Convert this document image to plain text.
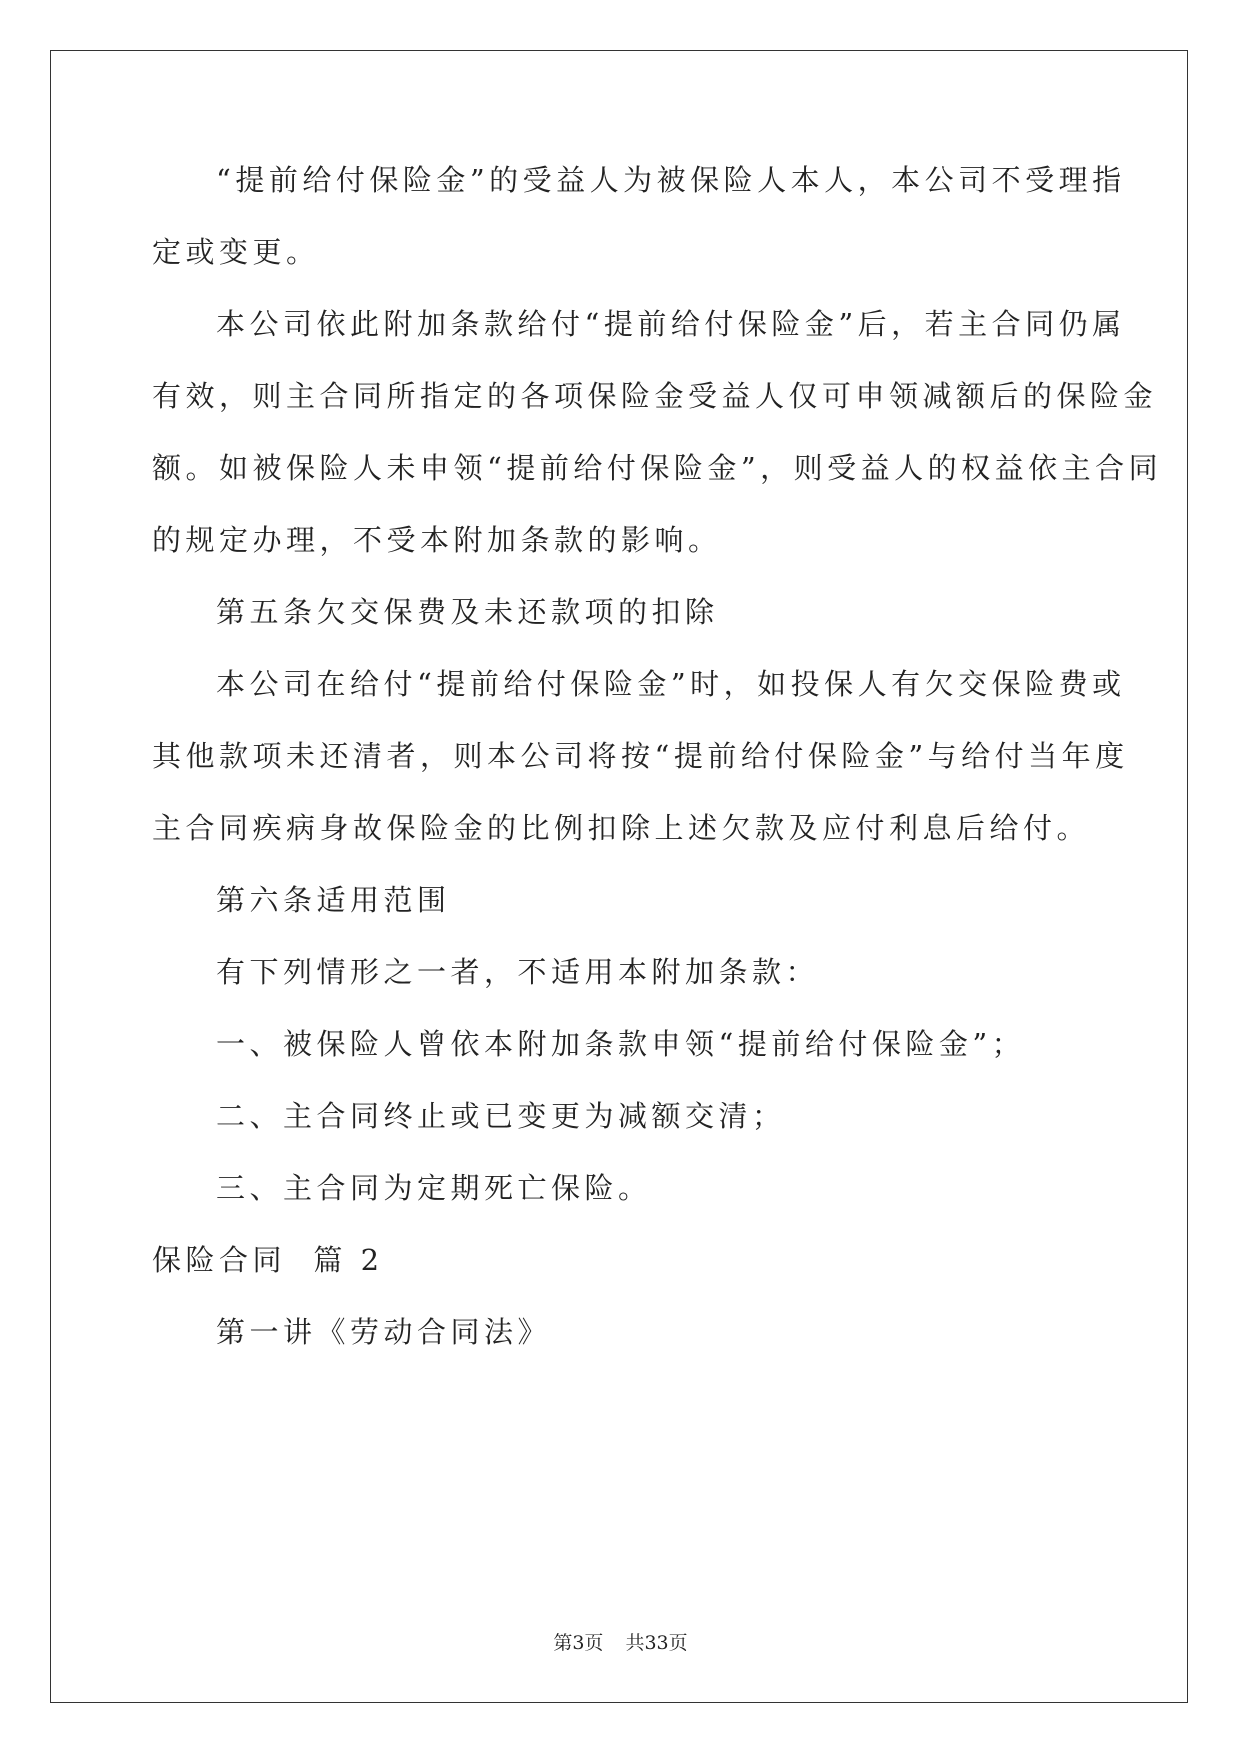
“提前给付保险金”的受益人为被保险人本人，本公司不受理指
定或变更。
本公司依此附加条款给付“提前给付保险金”后，若主合同仍属
有效，则主合同所指定的各项保险金受益人仅可申领减额后的保险金
额。如被保险人未申领“提前给付保险金”，则受益人的权益依主合同
的规定办理，不受本附加条款的影响。
第五条欠交保费及未还款项的扣除
本公司在给付“提前给付保险金”时，如投保人有欠交保险费或
其他款项未还清者，则本公司将按“提前给付保险金”与给付当年度
主合同疾病身故保险金的比例扣除上述欠款及应付利息后给付。
第六条适用范围
有下列情形之一者，不适用本附加条款：
一、被保险人曾依本附加条款申领“提前给付保险金”；
二、主合同终止或已变更为减额交清；
三、主合同为定期死亡保险。
保险合同  篇 2
第一讲《劳动合同法》
第3页 共33页
